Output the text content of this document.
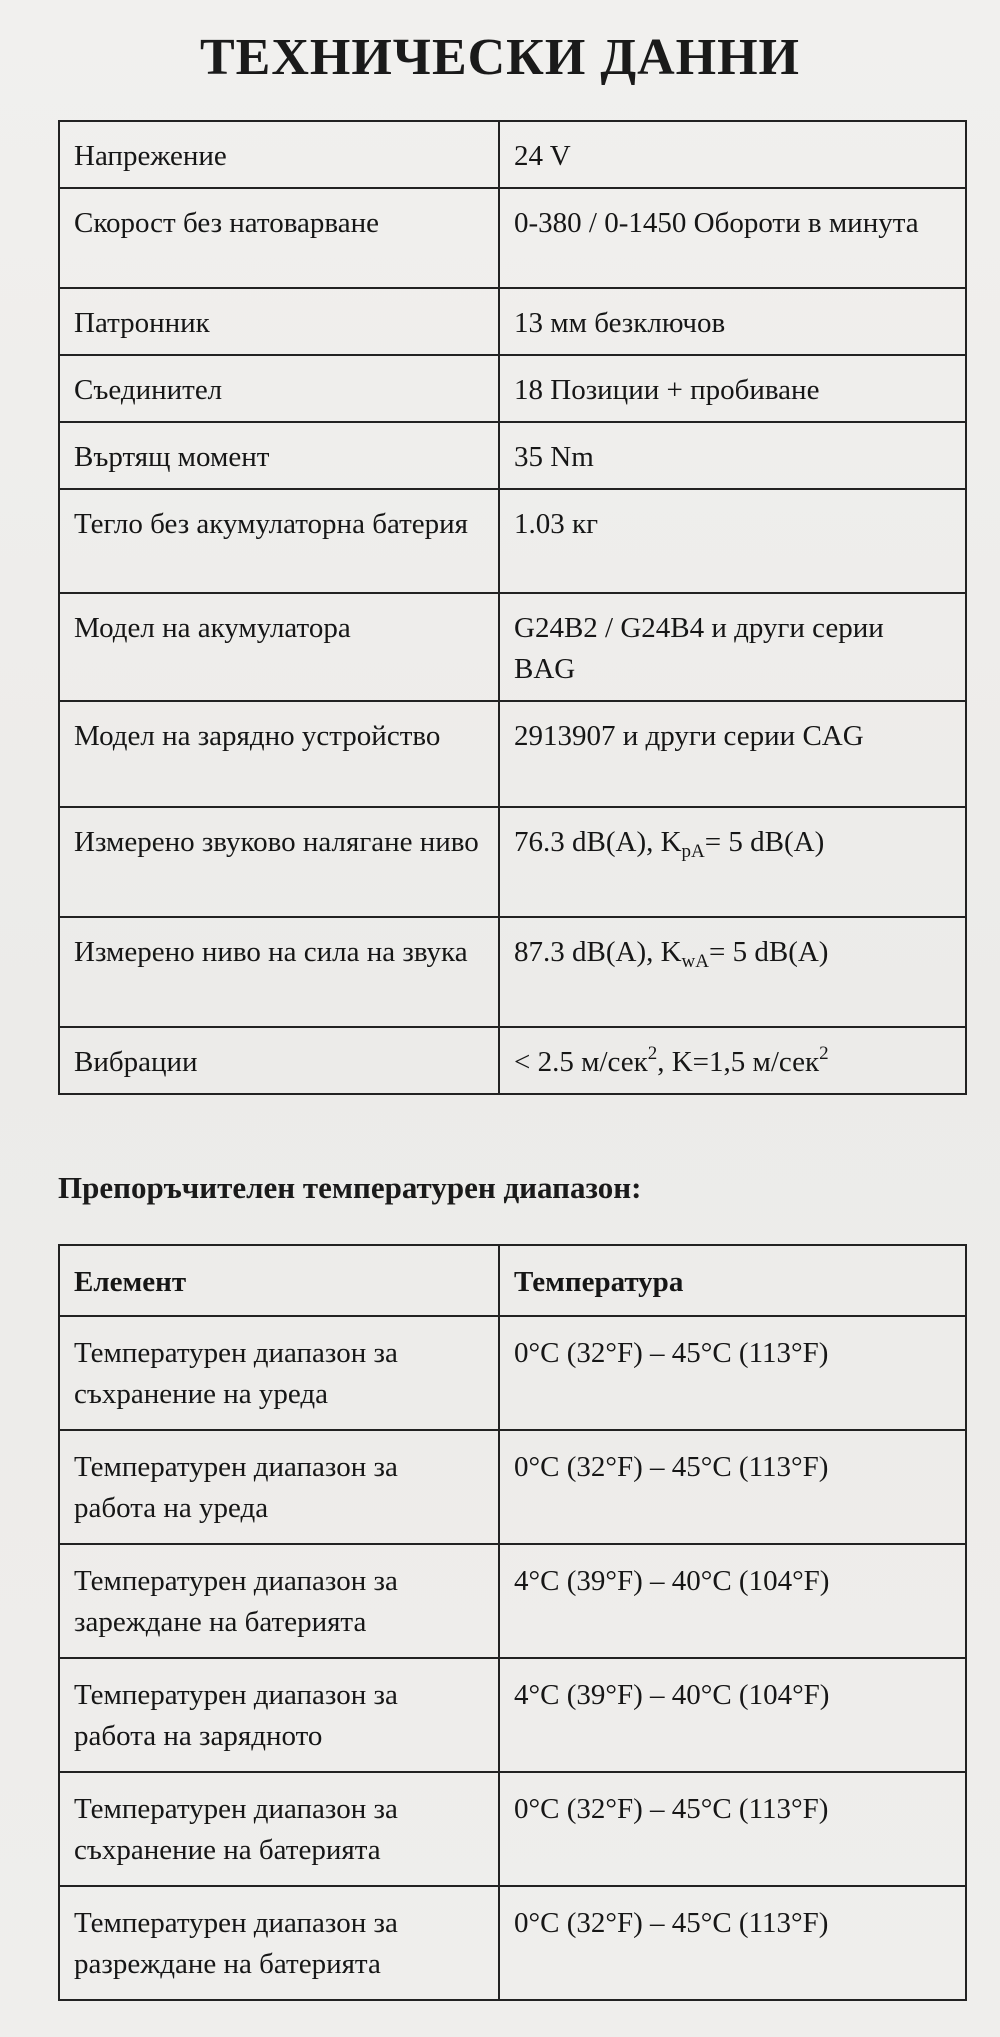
ТЕХНИЧЕСКИ ДАННИ
Напрежение	24 V
Скорост без натоварване	0-380 / 0-1450 Обороти в минута
Патронник	13 мм безключов
Съединител	18 Позиции + пробиване
Въртящ момент	35 Nm
Тегло без акумулаторна батерия	1.03 кг
Модел на акумулатора	G24B2 / G24B4 и други серии BAG
Модел на зарядно устройство	2913907 и други серии CAG
Измерено звуково налягане ниво	76.3 dB(A), $K_{pA}= 5$ dB(A)
Измерено ниво на сила на звука	87.3 dB(A), $K_{wA}= 5$ dB(A)
Вибрации	< 2.5 м/сек$^2$, K=1,5 м/сек$^2$
Препоръчителен температурен диапазон:
Елемент	Температура
Температурен диапазон за съхранение на уреда	0°C (32°F) – 45°C (113°F)
Температурен диапазон за работа на уреда	0°C (32°F) – 45°C (113°F)
Температурен диапазон за зареждане на батерията	4°C (39°F) – 40°C (104°F)
Температурен диапазон за работа на зарядното	4°C (39°F) – 40°C (104°F)
Температурен диапазон за съхранение на батерията	0°C (32°F) – 45°C (113°F)
Температурен диапазон за разреждане на батерията	0°C (32°F) – 45°C (113°F)
